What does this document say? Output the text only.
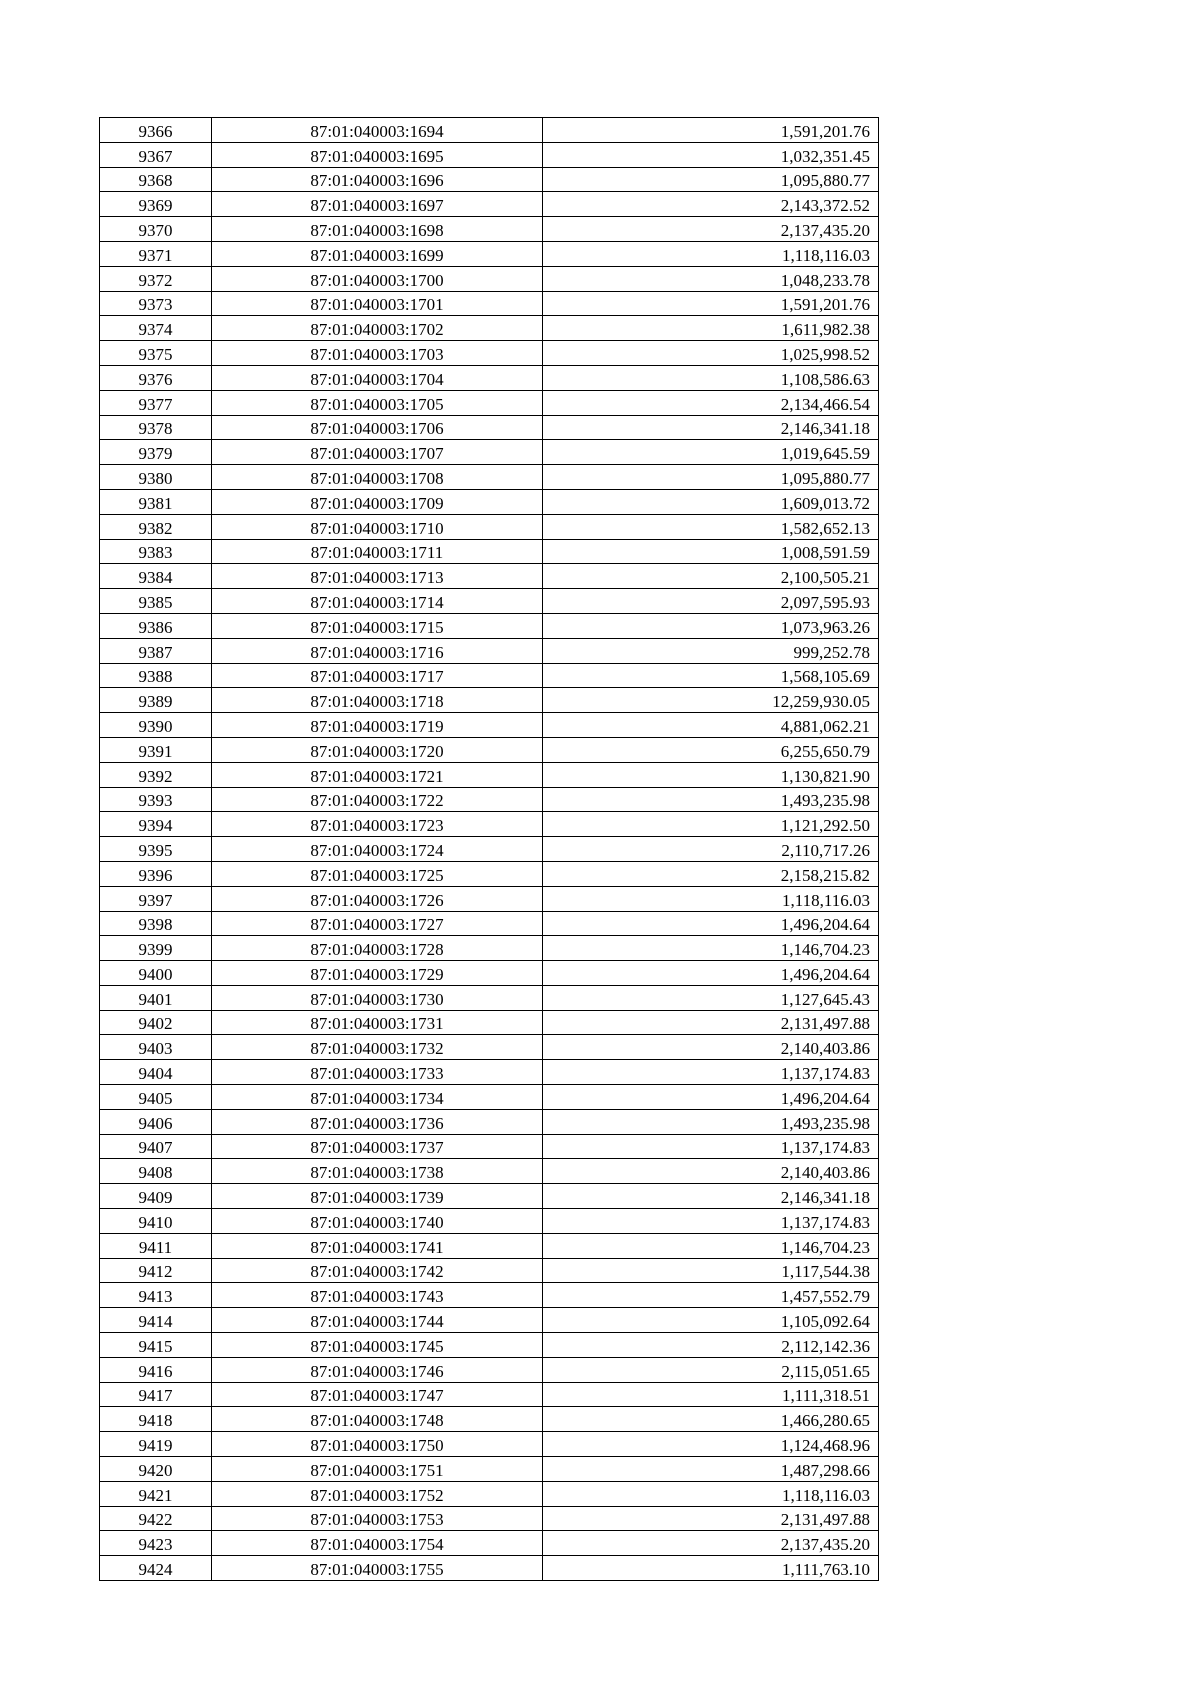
9366	87:01:040003:1694	1,591,201.76
9367	87:01:040003:1695	1,032,351.45
9368	87:01:040003:1696	1,095,880.77
9369	87:01:040003:1697	2,143,372.52
9370	87:01:040003:1698	2,137,435.20
9371	87:01:040003:1699	1,118,116.03
9372	87:01:040003:1700	1,048,233.78
9373	87:01:040003:1701	1,591,201.76
9374	87:01:040003:1702	1,611,982.38
9375	87:01:040003:1703	1,025,998.52
9376	87:01:040003:1704	1,108,586.63
9377	87:01:040003:1705	2,134,466.54
9378	87:01:040003:1706	2,146,341.18
9379	87:01:040003:1707	1,019,645.59
9380	87:01:040003:1708	1,095,880.77
9381	87:01:040003:1709	1,609,013.72
9382	87:01:040003:1710	1,582,652.13
9383	87:01:040003:1711	1,008,591.59
9384	87:01:040003:1713	2,100,505.21
9385	87:01:040003:1714	2,097,595.93
9386	87:01:040003:1715	1,073,963.26
9387	87:01:040003:1716	999,252.78
9388	87:01:040003:1717	1,568,105.69
9389	87:01:040003:1718	12,259,930.05
9390	87:01:040003:1719	4,881,062.21
9391	87:01:040003:1720	6,255,650.79
9392	87:01:040003:1721	1,130,821.90
9393	87:01:040003:1722	1,493,235.98
9394	87:01:040003:1723	1,121,292.50
9395	87:01:040003:1724	2,110,717.26
9396	87:01:040003:1725	2,158,215.82
9397	87:01:040003:1726	1,118,116.03
9398	87:01:040003:1727	1,496,204.64
9399	87:01:040003:1728	1,146,704.23
9400	87:01:040003:1729	1,496,204.64
9401	87:01:040003:1730	1,127,645.43
9402	87:01:040003:1731	2,131,497.88
9403	87:01:040003:1732	2,140,403.86
9404	87:01:040003:1733	1,137,174.83
9405	87:01:040003:1734	1,496,204.64
9406	87:01:040003:1736	1,493,235.98
9407	87:01:040003:1737	1,137,174.83
9408	87:01:040003:1738	2,140,403.86
9409	87:01:040003:1739	2,146,341.18
9410	87:01:040003:1740	1,137,174.83
9411	87:01:040003:1741	1,146,704.23
9412	87:01:040003:1742	1,117,544.38
9413	87:01:040003:1743	1,457,552.79
9414	87:01:040003:1744	1,105,092.64
9415	87:01:040003:1745	2,112,142.36
9416	87:01:040003:1746	2,115,051.65
9417	87:01:040003:1747	1,111,318.51
9418	87:01:040003:1748	1,466,280.65
9419	87:01:040003:1750	1,124,468.96
9420	87:01:040003:1751	1,487,298.66
9421	87:01:040003:1752	1,118,116.03
9422	87:01:040003:1753	2,131,497.88
9423	87:01:040003:1754	2,137,435.20
9424	87:01:040003:1755	1,111,763.10
